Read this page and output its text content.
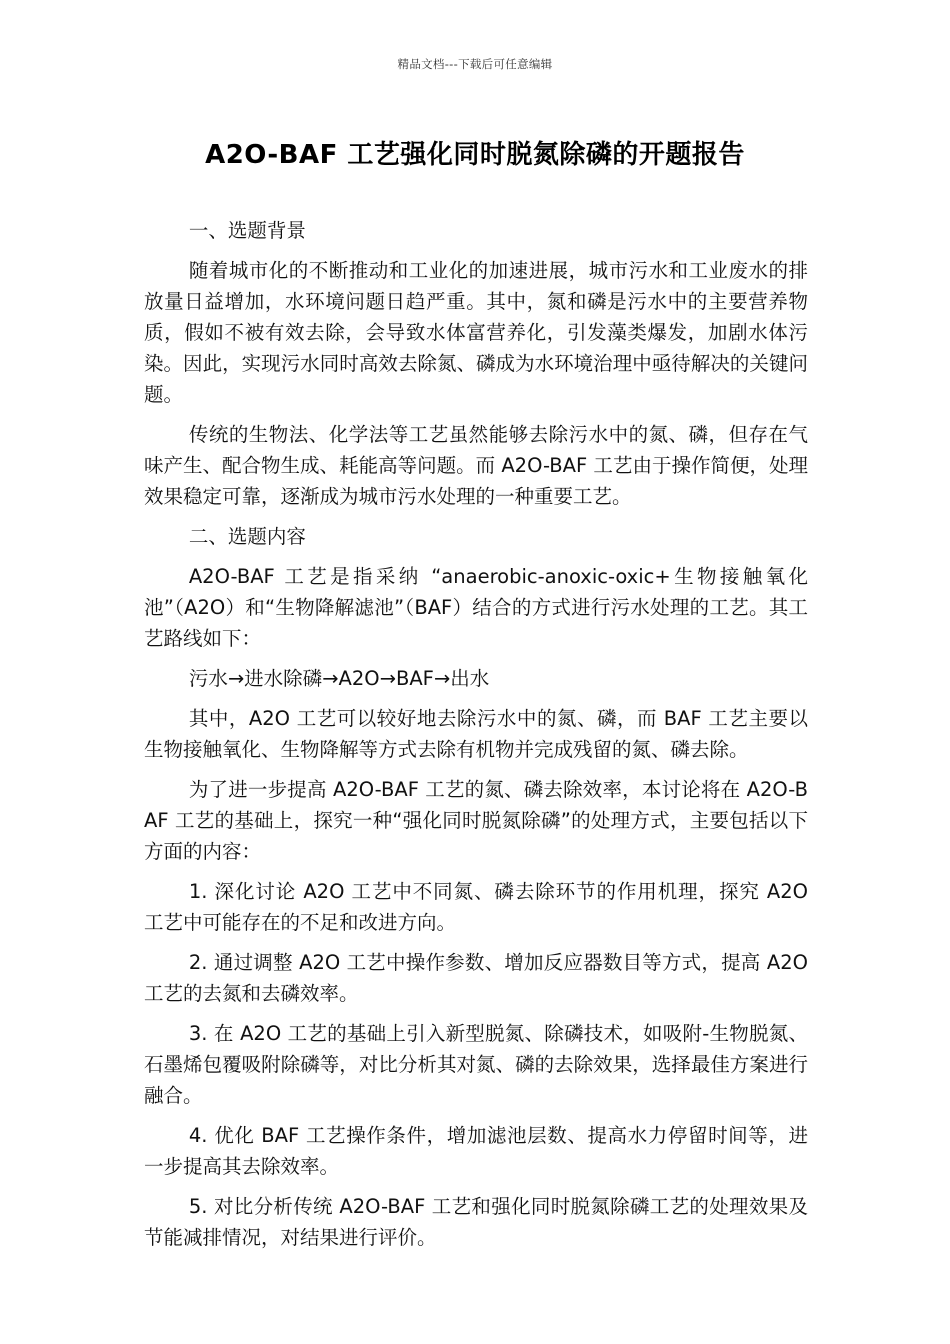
精品文档---下载后可任意编辑
A2O-BAF 工艺强化同时脱氮除磷的开题报告

一、选题背景

随着城市化的不断推动和工业化的加速进展，城市污水和工业废水的排放量日益增加，水环境问题日趋严重。其中，氮和磷是污水中的主要营养物质，假如不被有效去除，会导致水体富营养化，引发藻类爆发，加剧水体污染。因此，实现污水同时高效去除氮、磷成为水环境治理中亟待解决的关键问题。

传统的生物法、化学法等工艺虽然能够去除污水中的氮、磷，但存在气味产生、配合物生成、耗能高等问题。而 A2O-BAF 工艺由于操作简便，处理效果稳定可靠，逐渐成为城市污水处理的一种重要工艺。

二、选题内容

A2O-BAF 工艺是指采纳 “anaerobic-anoxic-oxic+生物接触氧化池”（A2O）和“生物降解滤池”（BAF）结合的方式进行污水处理的工艺。其工艺路线如下：

污水→进水除磷→A2O→BAF→出水

其中，A2O 工艺可以较好地去除污水中的氮、磷，而 BAF 工艺主要以生物接触氧化、生物降解等方式去除有机物并完成残留的氮、磷去除。

为了进一步提高 A2O-BAF 工艺的氮、磷去除效率，本讨论将在 A2O-BAF 工艺的基础上，探究一种“强化同时脱氮除磷”的处理方式，主要包括以下方面的内容：

1. 深化讨论 A2O 工艺中不同氮、磷去除环节的作用机理，探究 A2O 工艺中可能存在的不足和改进方向。

2. 通过调整 A2O 工艺中操作参数、增加反应器数目等方式，提高 A2O 工艺的去氮和去磷效率。

3. 在 A2O 工艺的基础上引入新型脱氮、除磷技术，如吸附-生物脱氮、石墨烯包覆吸附除磷等，对比分析其对氮、磷的去除效果，选择最佳方案进行融合。

4. 优化 BAF 工艺操作条件，增加滤池层数、提高水力停留时间等，进一步提高其去除效率。

5. 对比分析传统 A2O-BAF 工艺和强化同时脱氮除磷工艺的处理效果及节能减排情况，对结果进行评价。
